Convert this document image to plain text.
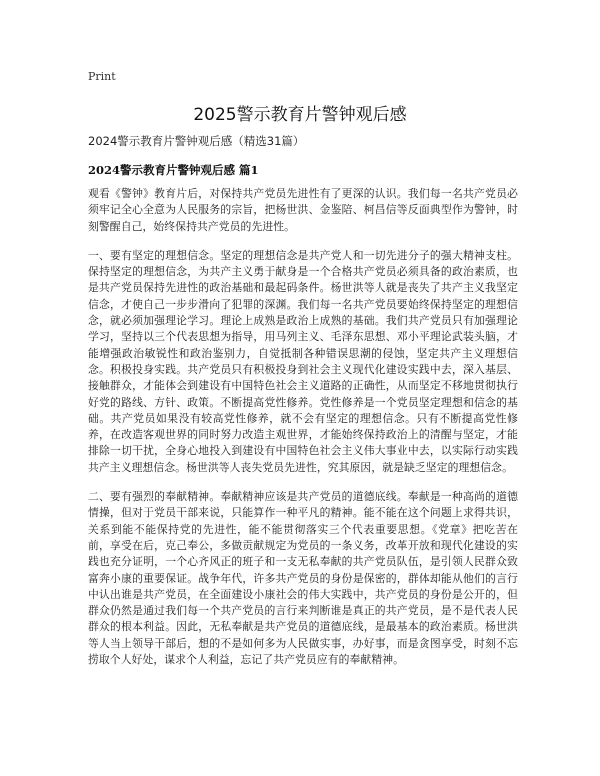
Print
2025警示教育片警钟观后感
2024警示教育片警钟观后感（精选31篇）
2024警示教育片警钟观后感 篇1

观看《警钟》教育片后，对保持共产党员先进性有了更深的认识。我们每一名共产党员必须牢记全心全意为人民服务的宗旨，把杨世洪、金鉴陪、柯昌信等反面典型作为警钟，时刻警醒自己，始终保持共产党员的先进性。

一、要有坚定的理想信念。坚定的理想信念是共产党人和一切先进分子的强大精神支柱。保持坚定的理想信念，为共产主义勇于献身是一个合格共产党员必须具备的政治素质，也是共产党员保持先进性的政治基础和最起码条件。杨世洪等人就是丧失了共产主义我坚定信念，才使自己一步步滑向了犯罪的深渊。我们每一名共产党员要始终保持坚定的理想信念，就必须加强理论学习。理论上成熟是政治上成熟的基础。我们共产党员只有加强理论学习，坚持以三个代表思想为指导，用马列主义、毛泽东思想、邓小平理论武装头脑，才能增强政治敏锐性和政治鉴别力，自觉抵制各种错误思潮的侵蚀，坚定共产主义理想信念。积极投身实践。共产党员只有积极投身到社会主义现代化建设实践中去，深入基层、接触群众，才能体会到建设有中国特色社会主义道路的正确性，从而坚定不移地贯彻执行好党的路线、方针、政策。不断提高党性修养。党性修养是一个党员坚定理想和信念的基础。共产党员如果没有较高党性修养，就不会有坚定的理想信念。只有不断提高党性修养，在改造客观世界的同时努力改造主观世界，才能始终保持政治上的清醒与坚定，才能排除一切干扰，全身心地投入到建设有中国特色社会主义伟大事业中去，以实际行动实践共产主义理想信念。杨世洪等人丧失党员先进性，究其原因，就是缺乏坚定的理想信念。

二、要有强烈的奉献精神。奉献精神应该是共产党员的道德底线。奉献是一种高尚的道德情操，但对于党员干部来说，只能算作一种平凡的精神。能不能在这个问题上求得共识，关系到能不能保持党的先进性，能不能贯彻落实三个代表重要思想。《党章》把吃苦在前，享受在后，克己奉公，多做贡献规定为党员的一条义务，改革开放和现代化建设的实践也充分证明，一个心齐风正的班子和一支无私奉献的共产党员队伍，是引领人民群众致富奔小康的重要保证。战争年代，许多共产党员的身份是保密的，群体却能从他们的言行中认出谁是共产党员，在全面建设小康社会的伟大实践中，共产党员的身份是公开的，但群众仍然是通过我们每一个共产党员的言行来判断谁是真正的共产党员，是不是代表人民群众的根本利益。因此，无私奉献是共产党员的道德底线，是最基本的政治素质。杨世洪等人当上领导干部后，想的不是如何多为人民做实事，办好事，而是贪图享受，时刻不忘捞取个人好处，谋求个人利益，忘记了共产党员应有的奉献精神。
